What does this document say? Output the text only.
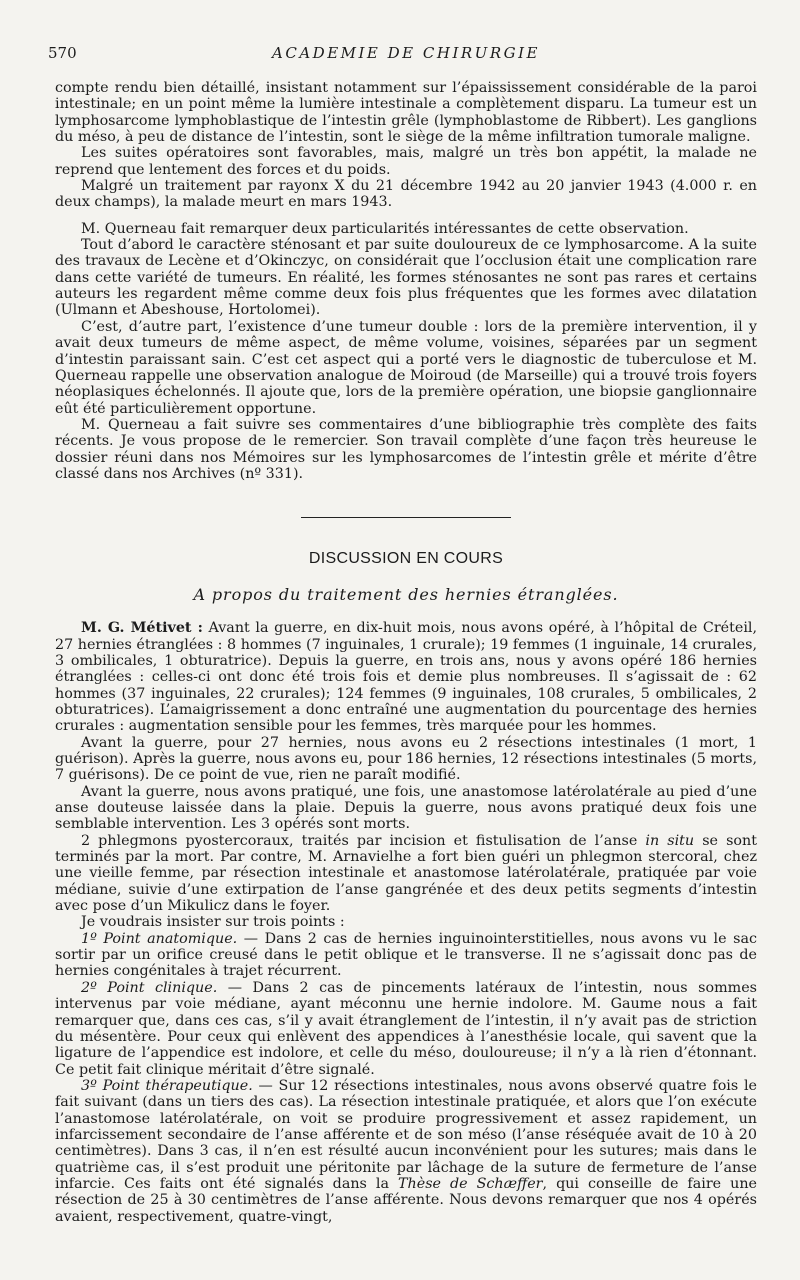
570	ACADEMIE DE CHIRURGIE

compte rendu bien détaillé, insistant notamment sur l’épaississement considérable de la paroi intestinale; en un point même la lumière intestinale a complètement disparu. La tumeur est un lymphosarcome lymphoblastique de l’intestin grêle (lymphoblastome de Ribbert). Les ganglions du méso, à peu de distance de l’intestin, sont le siège de la même infiltration tumorale maligne.

Les suites opératoires sont favorables, mais, malgré un très bon appétit, la malade ne reprend que lentement des forces et du poids.

Malgré un traitement par rayonx X du 21 décembre 1942 au 20 janvier 1943 (4.000 r. en deux champs), la malade meurt en mars 1943.

M. Querneau fait remarquer deux particularités intéressantes de cette observation.

Tout d’abord le caractère sténosant et par suite douloureux de ce lymphosarcome. A la suite des travaux de Lecène et d’Okinczyc, on considérait que l’occlusion était une complication rare dans cette variété de tumeurs. En réalité, les formes sténosantes ne sont pas rares et certains auteurs les regardent même comme deux fois plus fréquentes que les formes avec dilatation (Ulmann et Abeshouse, Hortolomei).

C’est, d’autre part, l’existence d’une tumeur double : lors de la première intervention, il y avait deux tumeurs de même aspect, de même volume, voisines, séparées par un segment d’intestin paraissant sain. C’est cet aspect qui a porté vers le diagnostic de tuberculose et M. Querneau rappelle une observation analogue de Moiroud (de Marseille) qui a trouvé trois foyers néoplasiques échelonnés. Il ajoute que, lors de la première opération, une biopsie ganglionnaire eût été particulièrement opportune.

M. Querneau a fait suivre ses commentaires d’une bibliographie très complète des faits récents. Je vous propose de le remercier. Son travail complète d’une façon très heureuse le dossier réuni dans nos Mémoires sur les lymphosarcomes de l’intestin grêle et mérite d’être classé dans nos Archives (nº 331).

DISCUSSION EN COURS
A propos du traitement des hernies étranglées.

M. G. Métivet : Avant la guerre, en dix-huit mois, nous avons opéré, à l’hôpital de Créteil, 27 hernies étranglées : 8 hommes (7 inguinales, 1 crurale); 19 femmes (1 inguinale, 14 crurales, 3 ombilicales, 1 obturatrice). Depuis la guerre, en trois ans, nous y avons opéré 186 hernies étranglées : celles-ci ont donc été trois fois et demie plus nombreuses. Il s’agissait de : 62 hommes (37 inguinales, 22 crurales); 124 femmes (9 inguinales, 108 crurales, 5 ombilicales, 2 obturatrices). L’amaigrissement a donc entraîné une augmentation du pourcentage des hernies crurales : augmentation sensible pour les femmes, très marquée pour les hommes.

Avant la guerre, pour 27 hernies, nous avons eu 2 résections intestinales (1 mort, 1 guérison). Après la guerre, nous avons eu, pour 186 hernies, 12 résections intestinales (5 morts, 7 guérisons). De ce point de vue, rien ne paraît modifié.

Avant la guerre, nous avons pratiqué, une fois, une anastomose latérolatérale au pied d’une anse douteuse laissée dans la plaie. Depuis la guerre, nous avons pratiqué deux fois une semblable intervention. Les 3 opérés sont morts.

2 phlegmons pyostercoraux, traités par incision et fistulisation de l’anse in situ se sont terminés par la mort. Par contre, M. Arnavielhe a fort bien guéri un phlegmon stercoral, chez une vieille femme, par résection intestinale et anastomose latérolatérale, pratiquée par voie médiane, suivie d’une extirpation de l’anse gangrénée et des deux petits segments d’intestin avec pose d’un Mikulicz dans le foyer.

Je voudrais insister sur trois points :

1º Point anatomique. — Dans 2 cas de hernies inguinointerstitielles, nous avons vu le sac sortir par un orifice creusé dans le petit oblique et le transverse. Il ne s’agissait donc pas de hernies congénitales à trajet récurrent.

2º Point clinique. — Dans 2 cas de pincements latéraux de l’intestin, nous sommes intervenus par voie médiane, ayant méconnu une hernie indolore. M. Gaume nous a fait remarquer que, dans ces cas, s’il y avait étranglement de l’intestin, il n’y avait pas de striction du mésentère. Pour ceux qui enlèvent des appendices à l’anesthésie locale, qui savent que la ligature de l’appendice est indolore, et celle du méso, douloureuse; il n’y a là rien d’étonnant. Ce petit fait clinique méritait d’être signalé.

3º Point thérapeutique. — Sur 12 résections intestinales, nous avons observé quatre fois le fait suivant (dans un tiers des cas). La résection intestinale pratiquée, et alors que l’on exécute l’anastomose latérolatérale, on voit se produire progressivement et assez rapidement, un infarcissement secondaire de l’anse afférente et de son méso (l’anse réséquée avait de 10 à 20 centimètres). Dans 3 cas, il n’en est résulté aucun inconvénient pour les sutures; mais dans le quatrième cas, il s’est produit une péritonite par lâchage de la suture de fermeture de l’anse infarcie. Ces faits ont été signalés dans la Thèse de Schæffer, qui conseille de faire une résection de 25 à 30 centimètres de l’anse afférente. Nous devons remarquer que nos 4 opérés avaient, respectivement, quatre-vingt,
